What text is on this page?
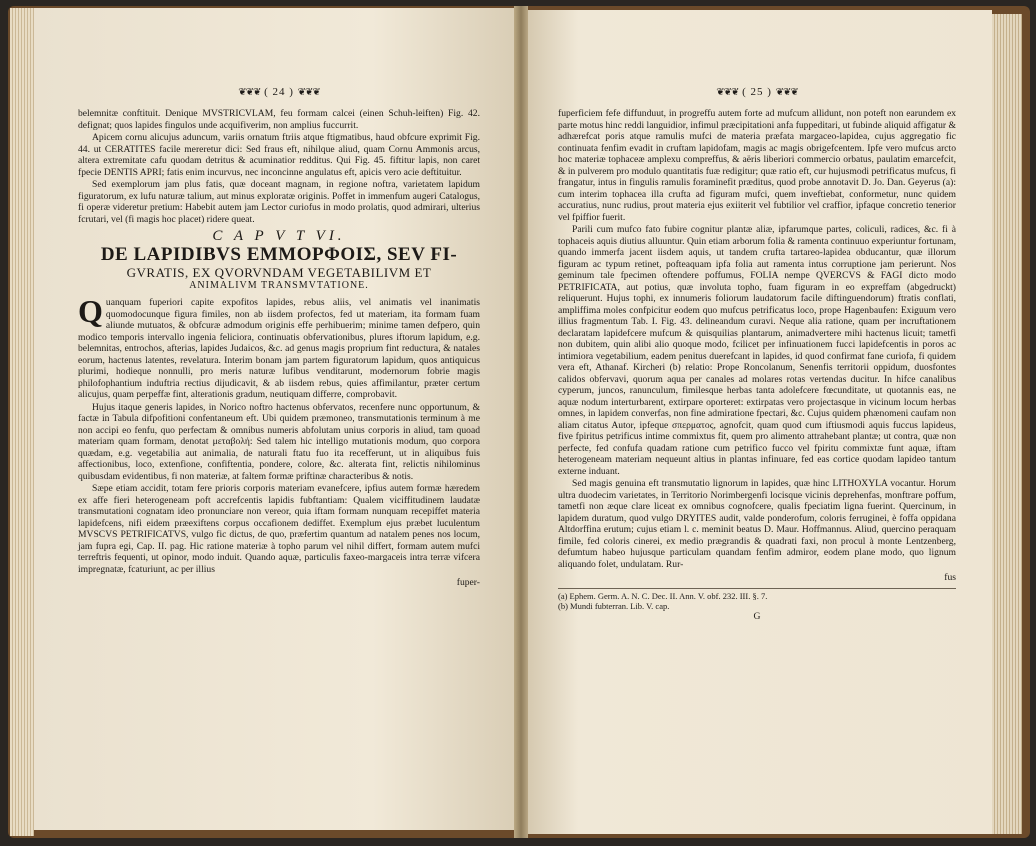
❦❦❦ ( 24 ) ❦❦❦

belemnitæ conftituit. Denique MVSTRICVLAM, feu formam calcei (einen Schuh-leiften) Fig. 42. defignat; quos lapides fingulos unde acquifiverim, non amplius fuccurrit.

Apicem cornu alicujus aduncum, variis ornatum ftriis atque ftigmatibus, haud obfcure exprimit Fig. 44. ut CERATITES facile mereretur dici: Sed fraus eft, nihilque aliud, quam Cornu Ammonis arcus, altera extremitate cafu quodam detritus & acuminatior redditus. Qui Fig. 45. fiftitur lapis, non caret fpecie DENTIS APRI; fatis enim incurvus, nec inconcinne angulatus eft, apicis vero acie deftituitur.

Sed exemplorum jam plus fatis, quæ doceant magnam, in regione noftra, varietatem lapidum figuratorum, ex lufu naturæ talium, aut minus exploratæ originis. Poffet in immenfum augeri Catalogus, fi operæ videretur pretium: Habebit autem jam Lector curiofus in modo prolatis, quod admirari, ulterius fcrutari, vel (fi magis hoc placet) ridere queat.

C A P V T VI.
DE LAPIDIBVS EMMOPΦOIΣ, SEV FI-
GVRATIS, EX QVORVNDAM VEGETABILIVM ET
ANIMALIVM TRANSMVTATIONE.

Quanquam fuperiori capite expofitos lapides, rebus aliis, vel animatis vel inanimatis quomodocunque figura fimiles, non ab iisdem profectos, fed ut materiam, ita formam fuam aliunde mutuatos, & obfcuræ admodum originis effe perhibuerim; minime tamen defpero, quin modico temporis intervallo ingenia feliciora, continuatis obfervationibus, plures iftorum lapidum, e.g. belemnitas, entrochos, afterias, lapides Judaicos, &c. ad genus magis proprium fint reductura, & natales eorum, hactenus latentes, revelatura. Interim bonam jam partem figuratorum lapidum, quos antiquicus plurimi, hodieque nonnulli, pro meris naturæ lufibus venditarunt, modernorum fobrie magis philofophantium induftria rectius dijudicavit, & ab iisdem rebus, quies affimilantur, præter certum alicujus, quam perpeffæ fint, alterationis gradum, neutiquam differre, comprobavit.

Hujus itaque generis lapides, in Norico noftro hactenus obfervatos, recenfere nunc opportunum, & factæ in Tabula difpofitioni confentaneum eft. Ubi quidem præmoneo, transmutationis terminum à me non accipi eo fenfu, quo perfectam & omnibus numeris abfolutam unius corporis in aliud, tam quoad materiam quam formam, denotat μεταβολή: Sed talem hic intelligo mutationis modum, quo corpora quædam, e.g. vegetabilia aut animalia, de naturali ftatu fuo ita recefferunt, ut in aliquibus fuis affectionibus, loco, extenfione, confiftentia, pondere, colore, &c. alterata fint, relictis nihilominus quibusdam evidentibus, fi non materiæ, at faltem formæ priftinæ characteribus & notis.

Sæpe etiam accidit, totam fere prioris corporis materiam evanefcere, ipfius autem formæ hæredem ex affe fieri heterogeneam poft accrefcentis lapidis fubftantiam: Qualem viciffitudinem laudatæ transmutationi cognatam ideo pronunciare non vereor, quia iftam formam nunquam recepiffet materia lapidefcens, nifi eidem præexiftens corpus occafionem dediffet. Exemplum ejus præbet luculentum MVSCVS PETRIFICATVS, vulgo fic dictus, de quo, præfertim quantum ad natalem penes nos locum, jam fupra egi, Cap. II. pag. Hic ratione materiæ à topho parum vel nihil differt, formam autem mufci terreftris fequenti, ut opinor, modo induit. Quando aquæ, particulis faxeo-margaceis intra terræ vifcera impregnatæ, fcaturiunt, ac per illius

fuper-
❦❦❦ ( 25 ) ❦❦❦

fuperficiem fefe diffunduut, in progreffu autem forte ad mufcum allidunt, non poteft non earundem ex parte motus hinc reddi languidior, infimul præcipitationi anfa fuppeditari, ut fubinde aliquid affigatur & adhærefcat poris atque ramulis mufci de materia præfata margaceo-lapidea, cujus aggregatio fic continuata fenfim evadit in cruftam lapidofam, magis ac magis obrigefcentem. Ipfe vero mufcus arcto hoc materiæ tophaceæ amplexu compreffus, & aëris liberiori commercio orbatus, paulatim emarcefcit, & in pulverem pro modulo quantitatis fuæ redigitur; quæ ratio eft, cur hujusmodi petrificatus mufcus, fi frangatur, intus in fingulis ramulis foraminefit præditus, quod probe annotavit D. Jo. Dan. Geyerus (a): cum interim tophacea illa crufta ad figuram mufci, quem inveftiebat, conformetur, nunc quidem accuratius, nunc rudius, prout materia ejus exiiterit vel fubtilior vel craffior, ipfaque concretio tenerior vel fpiffior fuerit.

Parili cum mufco fato fubire cognitur plantæ aliæ, ipfarumque partes, coliculi, radices, &c. fi à tophaceis aquis diutius alluuntur. Quin etiam arborum folia & ramenta continuuo experiuntur fortunam, quando immerfa jacent iisdem aquis, ut tandem crufta tartareo-lapidea obducantur, quæ illorum figuram ac typum retinet, pofteaquam ipfa folia aut ramenta intus corruptione jam perierunt. Nos geminum tale fpecimen oftendere poffumus, FOLIA nempe QVERCVS & FAGI dicto modo PETRIFICATA, aut potius, quæ involuta topho, fuam figuram in eo expreffam (abgedruckt) reliquerunt. Hujus tophi, ex innumeris foliorum laudatorum facile diftinguendorum) ftratis conflati, ampliffima moles confpicitur eodem quo mufcus petrificatus loco, prope Hagenbaufen: Exiguum vero illius fragmentum Tab. I. Fig. 43. delineandum curavi. Neque alia ratione, quam per incruftationem declaratam lapidefcere mufcum & quisquilias plantarum, animadvertere mihi hactenus licuit; tametfi non dubitem, quin alibi alio quoque modo, fcilicet per infinuationem fucci lapidefcentis in poros ac intimiora vegetabilium, eadem penitus duerefcant in lapides, id quod confirmat fane curiofa, fi quidem vera eft, Athanaf. Kircheri (b) relatio: Prope Roncolanum, Senenfis territorii oppidum, duosfontes calidos obfervavi, quorum aqua per canales ad molares rotas vertendas ducitur. In hifce canalibus cyperum, juncos, ranunculum, fimilesque herbas tanta adolefcere fœcunditate, ut quotannis eas, ne aquæ nodum interturbarent, extirpare oporteret: extirpatas vero projectasque in vicinum locum herbas omnes, in lapidem converfas, non fine admiratione fpectari, &c. Cujus quidem phænomeni caufam non aliam citatus Autor, ipfeque σπερματος, agnofcit, quam quod cum iftiusmodi aquis fuccus lapideus, five fpiritus petrificus intime commixtus fit, quem pro alimento attrahebant plantæ; ut contra, quæ non perfecte, fed confufa quadam ratione cum petrifico fucco vel fpiritu commixtæ funt aquæ, iftam heterogeneam materiam nequeunt altius in plantas infinuare, fed eas cortice quodam lapideo tantum externe induant.

Sed magis genuina eft transmutatio lignorum in lapides, quæ hinc LITHOXYLA vocantur. Horum ultra duodecim varietates, in Territorio Norimbergenfi locisque vicinis deprehenfas, monftrare poffum, tametfi non æque clare liceat ex omnibus cognofcere, qualis fpeciatim ligna fuerint. Quercinum, in lapidem duratum, quod vulgo DRYITES audit, valde ponderofum, coloris ferruginei, è foffa oppidana Altdorffina erutum; cujus etiam l. c. meminit beatus D. Maur. Hoffmannus. Aliud, quercino peraquam fimile, fed coloris cinerei, ex medio prægrandis & quadrati faxi, non procul à monte Lentzenberg, defumtum habeo hujusque particulam quandam fenfim admiror, eodem plane modo, quo lignum aliquando folet, undulatam. Rur-

fus
(a) Ephem. Germ. A. N. C. Dec. II. Ann. V. obf. 232. III. §. 7.
(b) Mundi fubterran. Lib. V. cap.
G
